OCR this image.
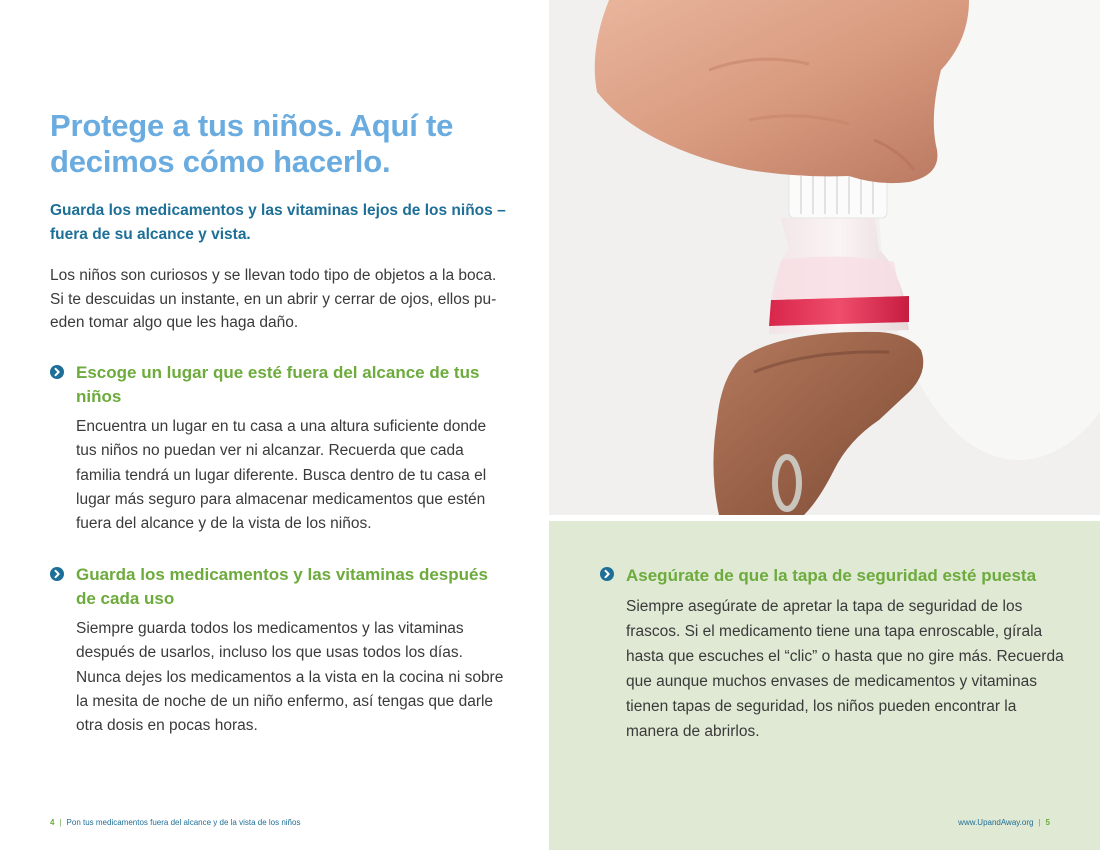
Protege a tus niños. Aquí te decimos cómo hacerlo.

Guarda los medicamentos y las vitaminas lejos de los niños – fuera de su alcance y vista.

Los niños son curiosos y se llevan todo tipo de objetos a la boca. Si te descuidas un instante, en un abrir y cerrar de ojos, ellos pueden tomar algo que les haga daño.

Escoge un lugar que esté fuera del alcance de tus niños

Encuentra un lugar en tu casa a una altura suficiente donde tus niños no puedan ver ni alcanzar. Recuerda que cada familia tendrá un lugar diferente. Busca dentro de tu casa el lugar más seguro para almacenar medicamentos que estén fuera del alcance y de la vista de los niños.

Guarda los medicamentos y las vitaminas después de cada uso

Siempre guarda todos los medicamentos y las vitaminas después de usarlos, incluso los que usas todos los días. Nunca dejes los medicamentos a la vista en la cocina ni sobre la mesita de noche de un niño enfermo, así tengas que darle otra dosis en pocas horas.

4 | Pon tus medicamentos fuera del alcance y de la vista de los niños
Asegúrate de que la tapa de seguridad esté puesta

Siempre asegúrate de apretar la tapa de seguridad de los frascos. Si el medicamento tiene una tapa enroscable, gírala hasta que escuches el “clic” o hasta que no gire más. Recuerda que aunque muchos envases de medicamentos y vitaminas tienen tapas de seguridad, los niños pueden encontrar la manera de abrirlos.

www.UpandAway.org | 5
